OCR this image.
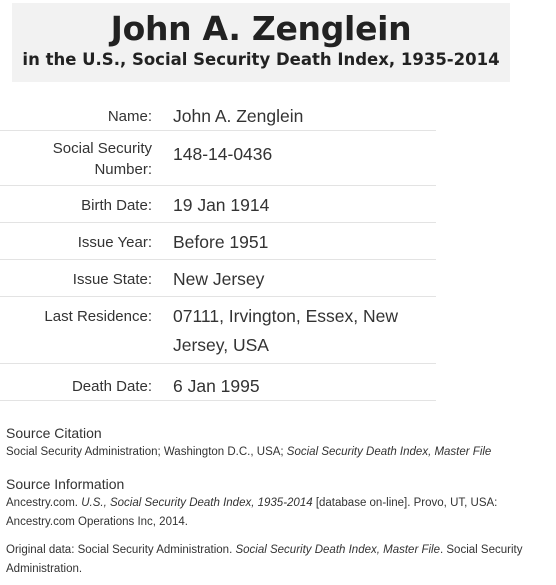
John A. Zenglein
in the U.S., Social Security Death Index, 1935-2014
Name: John A. Zenglein
Social Security
Number:
148-14-0436
Birth Date: 19 Jan 1914
Issue Year: Before 1951
Issue State: New Jersey
Last Residence: 07111, Irvington, Essex, New
Jersey, USA
Death Date: 6 Jan 1995
Source Citation
Social Security Administration; Washington D.C., USA; Social Security Death Index, Master File
Source Information
Ancestry.com. U.S., Social Security Death Index, 1935-2014 [database on-line]. Provo, UT, USA:
Ancestry.com Operations Inc, 2014.
Original data: Social Security Administration. Social Security Death Index, Master File. Social Security
Administration.
